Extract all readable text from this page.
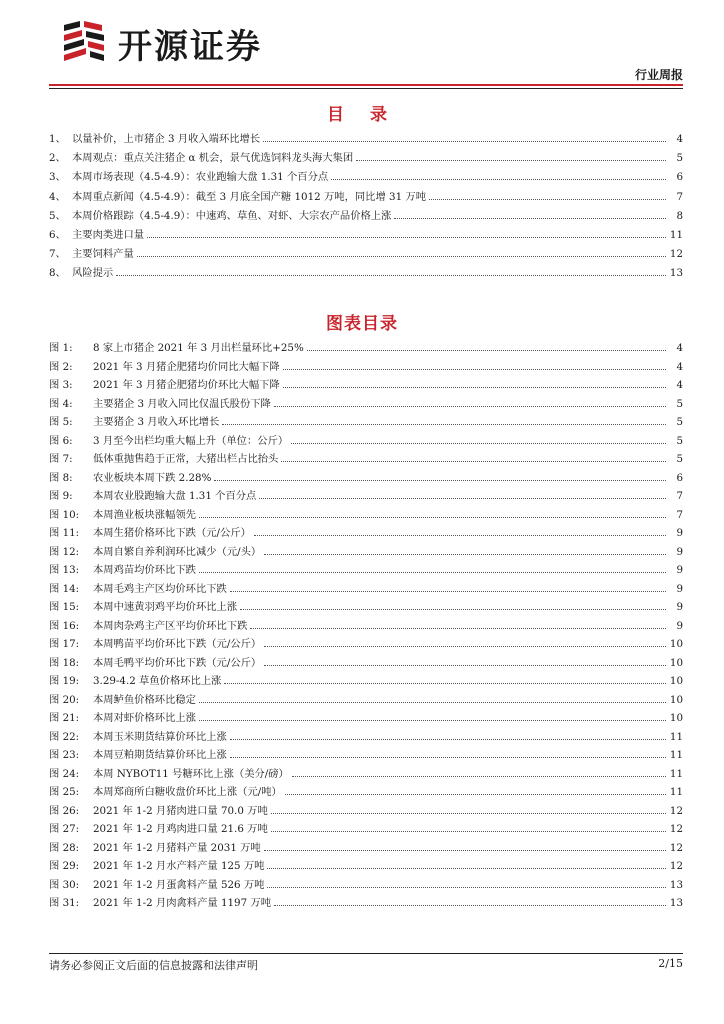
开源证券
行业周报
目 录
1、 以量补价，上市猪企 3 月收入端环比增长	4
2、 本周观点：重点关注猪企 α 机会，景气优选饲料龙头海大集团	5
3、 本周市场表现（4.5-4.9）：农业跑输大盘 1.31 个百分点	6
4、 本周重点新闻（4.5-4.9）：截至 3 月底全国产糖 1012 万吨，同比增 31 万吨	7
5、 本周价格跟踪（4.5-4.9）：中速鸡、草鱼、对虾、大宗农产品价格上涨	8
6、 主要肉类进口量	11
7、 主要饲料产量	12
8、 风险提示	13
图表目录
图 1:	8 家上市猪企 2021 年 3 月出栏量环比+25%	4
图 2:	2021 年 3 月猪企肥猪均价同比大幅下降	4
图 3:	2021 年 3 月猪企肥猪均价环比大幅下降	4
图 4:	主要猪企 3 月收入同比仅温氏股份下降	5
图 5:	主要猪企 3 月收入环比增长	5
图 6:	3 月至今出栏均重大幅上升（单位：公斤）	5
图 7:	低体重抛售趋于正常，大猪出栏占比抬头	5
图 8:	农业板块本周下跌 2.28%	6
图 9:	本周农业股跑输大盘 1.31 个百分点	7
图 10:	本周渔业板块涨幅领先	7
图 11:	本周生猪价格环比下跌（元/公斤）	9
图 12:	本周自繁自养利润环比减少（元/头）	9
图 13:	本周鸡苗均价环比下跌	9
图 14:	本周毛鸡主产区均价环比下跌	9
图 15:	本周中速黄羽鸡平均价环比上涨	9
图 16:	本周肉杂鸡主产区平均价环比下跌	9
图 17:	本周鸭苗平均价环比下跌（元/公斤）	10
图 18:	本周毛鸭平均价环比下跌（元/公斤）	10
图 19:	3.29-4.2 草鱼价格环比上涨	10
图 20:	本周鲈鱼价格环比稳定	10
图 21:	本周对虾价格环比上涨	10
图 22:	本周玉米期货结算价环比上涨	11
图 23:	本周豆粕期货结算价环比上涨	11
图 24:	本周 NYBOT11 号糖环比上涨（美分/磅）	11
图 25:	本周郑商所白糖收盘价环比上涨（元/吨）	11
图 26:	2021 年 1-2 月猪肉进口量 70.0 万吨	12
图 27:	2021 年 1-2 月鸡肉进口量 21.6 万吨	12
图 28:	2021 年 1-2 月猪料产量 2031 万吨	12
图 29:	2021 年 1-2 月水产料产量 125 万吨	12
图 30:	2021 年 1-2 月蛋禽料产量 526 万吨	13
图 31:	2021 年 1-2 月肉禽料产量 1197 万吨	13
请务必参阅正文后面的信息披露和法律声明	2/15
